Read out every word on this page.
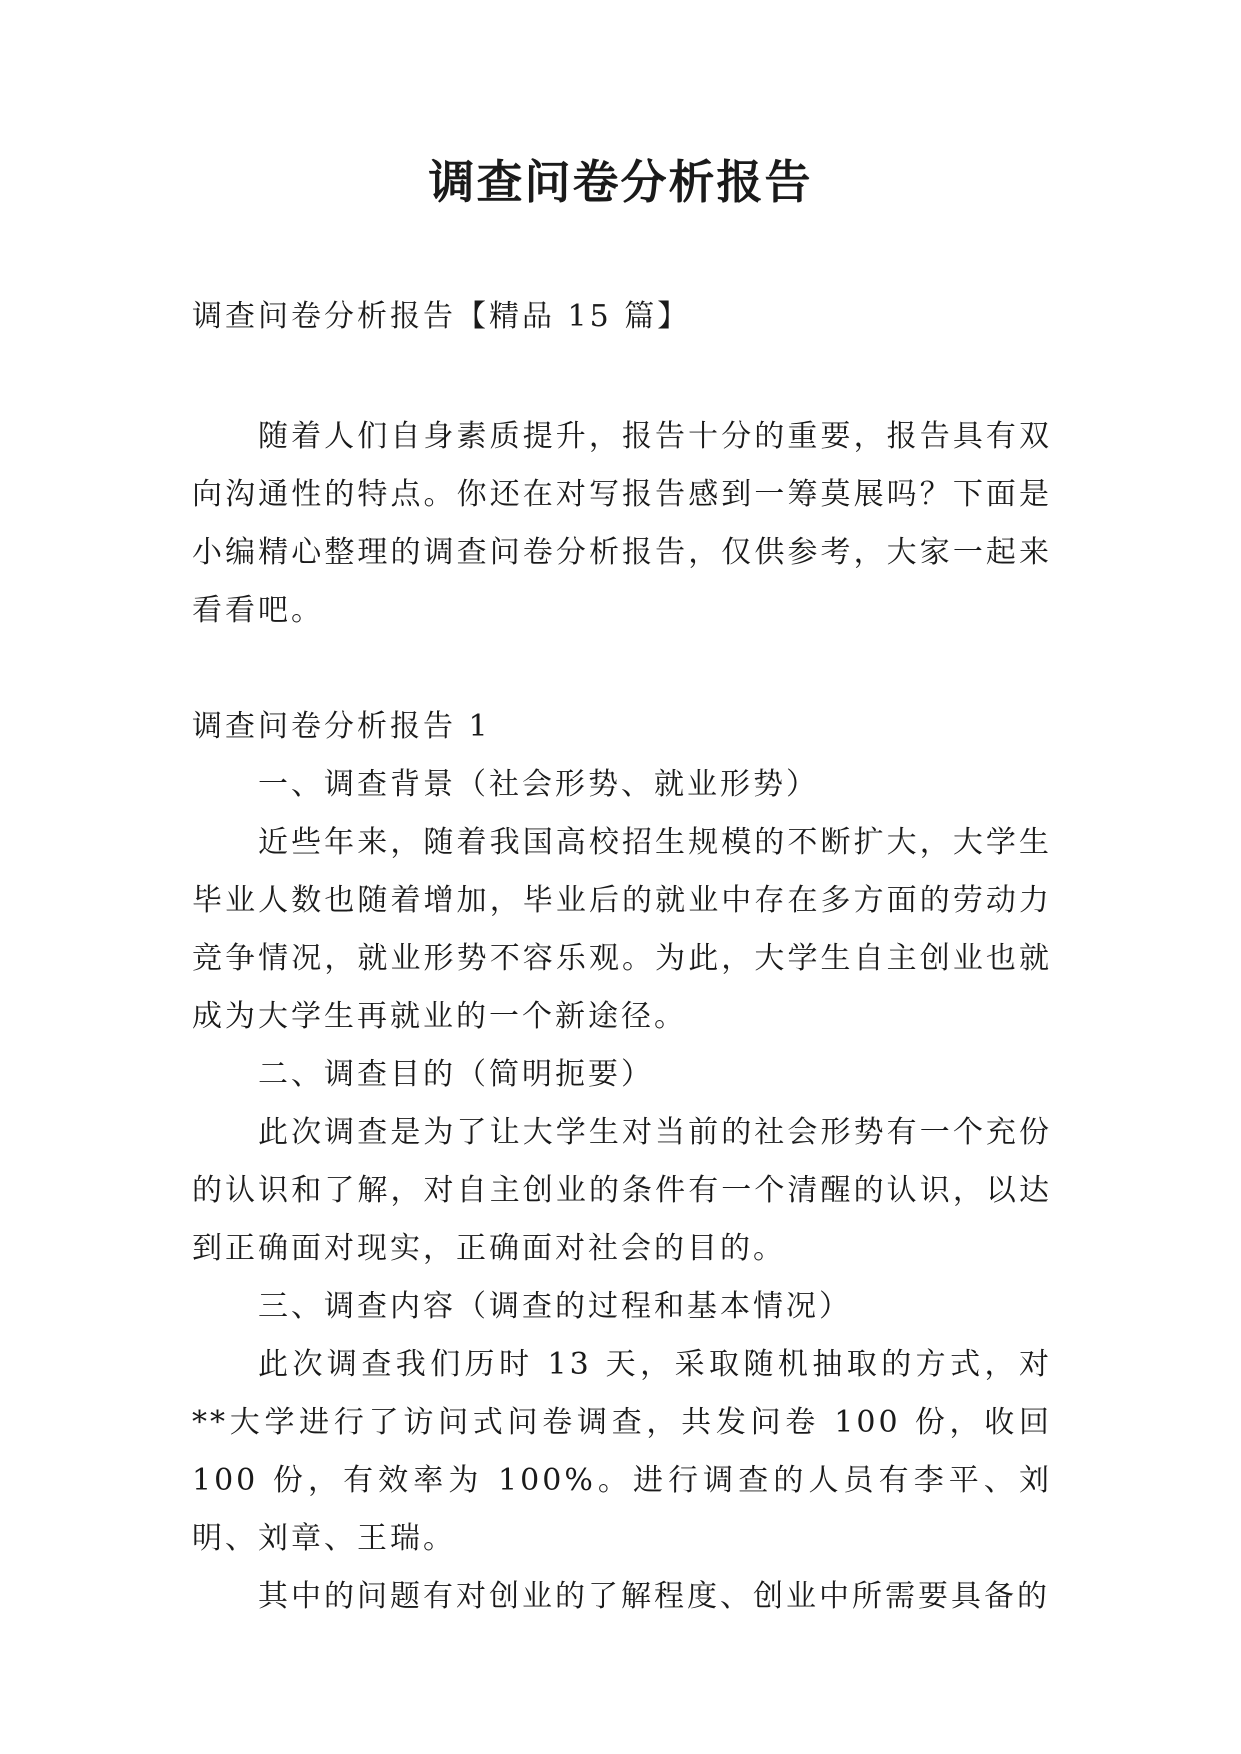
调查问卷分析报告

调查问卷分析报告【精品 15 篇】

随着人们自身素质提升，报告十分的重要，报告具有双向沟通性的特点。你还在对写报告感到一筹莫展吗？下面是小编精心整理的调查问卷分析报告，仅供参考，大家一起来看看吧。

调查问卷分析报告 1

一、调查背景（社会形势、就业形势）

近些年来，随着我国高校招生规模的不断扩大，大学生毕业人数也随着增加，毕业后的就业中存在多方面的劳动力竞争情况，就业形势不容乐观。为此，大学生自主创业也就成为大学生再就业的一个新途径。

二、调查目的（简明扼要）

此次调查是为了让大学生对当前的社会形势有一个充份的认识和了解，对自主创业的条件有一个清醒的认识，以达到正确面对现实，正确面对社会的目的。

三、调查内容（调查的过程和基本情况）

此次调查我们历时 13 天，采取随机抽取的方式，对**大学进行了访问式问卷调查，共发问卷 100 份，收回 100 份，有效率为 100%。进行调查的人员有李平、刘明、刘章、王瑞。

其中的问题有对创业的了解程度、创业中所需要具备的
